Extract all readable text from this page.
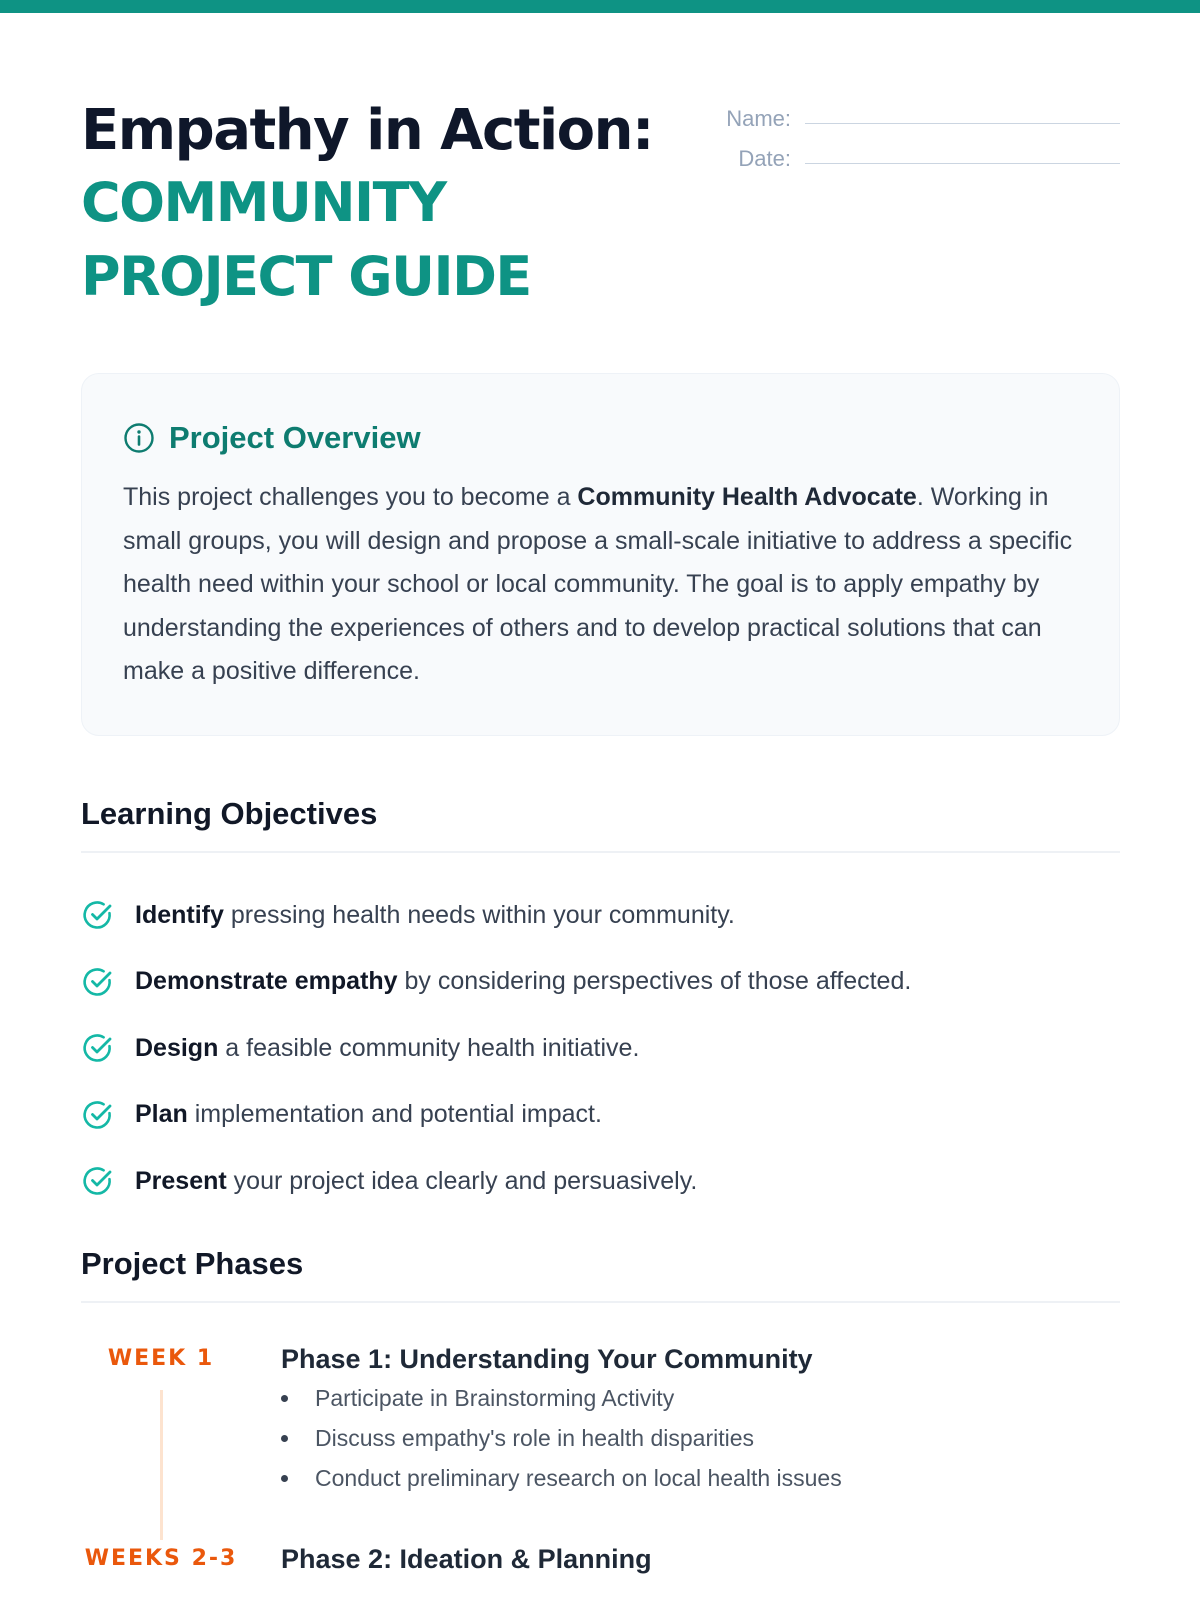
Empathy in Action:
COMMUNITY
PROJECT GUIDE
Name:
Date:
Project Overview
This project challenges you to become a Community Health Advocate. Working in small groups, you will design and propose a small-scale initiative to address a specific health need within your school or local community. The goal is to apply empathy by understanding the experiences of others and to develop practical solutions that can make a positive difference.
Learning Objectives
Identify pressing health needs within your community.
Demonstrate empathy by considering perspectives of those affected.
Design a feasible community health initiative.
Plan implementation and potential impact.
Present your project idea clearly and persuasively.
Project Phases
WEEK 1	Phase 1: Understanding Your Community
Participate in Brainstorming Activity
Discuss empathy's role in health disparities
Conduct preliminary research on local health issues
WEEKS 2-3 Phase 2: Ideation & Planning
